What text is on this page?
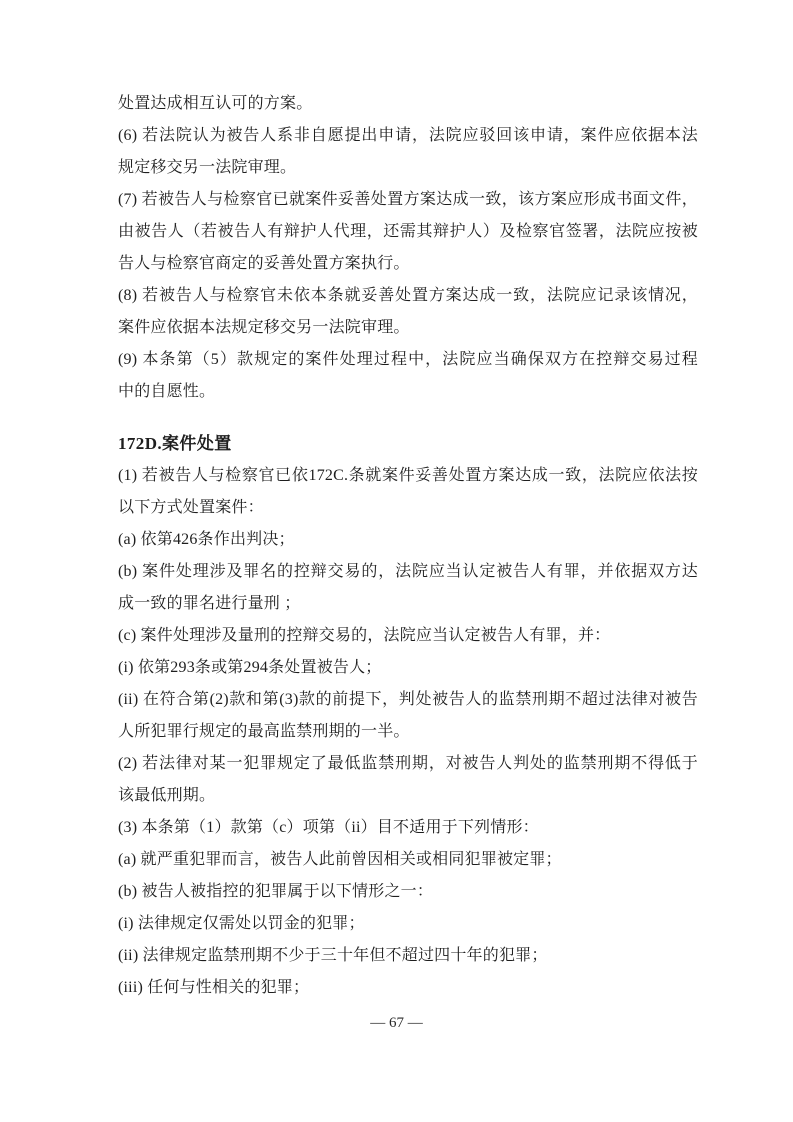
处置达成相互认可的方案。
(6) 若法院认为被告人系非自愿提出申请，法院应驳回该申请，案件应依据本法
规定移交另一法院审理。
(7) 若被告人与检察官已就案件妥善处置方案达成一致，该方案应形成书面文件，
由被告人（若被告人有辩护人代理，还需其辩护人）及检察官签署，法院应按被
告人与检察官商定的妥善处置方案执行。
(8) 若被告人与检察官未依本条就妥善处置方案达成一致，法院应记录该情况，
案件应依据本法规定移交另一法院审理。
(9) 本条第（5）款规定的案件处理过程中，法院应当确保双方在控辩交易过程
中的自愿性。
172D.案件处置
(1) 若被告人与检察官已依172C.条就案件妥善处置方案达成一致，法院应依法按
以下方式处置案件：
(a) 依第426条作出判决；
(b) 案件处理涉及罪名的控辩交易的，法院应当认定被告人有罪，并依据双方达
成一致的罪名进行量刑 ；
(c) 案件处理涉及量刑的控辩交易的，法院应当认定被告人有罪，并：
(i) 依第293条或第294条处置被告人；
(ii) 在符合第(2)款和第(3)款的前提下，判处被告人的监禁刑期不超过法律对被告
人所犯罪行规定的最高监禁刑期的一半。
(2) 若法律对某一犯罪规定了最低监禁刑期，对被告人判处的监禁刑期不得低于
该最低刑期。
(3) 本条第（1）款第（c）项第（ii）目不适用于下列情形：
(a) 就严重犯罪而言，被告人此前曾因相关或相同犯罪被定罪；
(b) 被告人被指控的犯罪属于以下情形之一：
(i) 法律规定仅需处以罚金的犯罪；
(ii) 法律规定监禁刑期不少于三十年但不超过四十年的犯罪；
(iii) 任何与性相关的犯罪；
— 67 —
